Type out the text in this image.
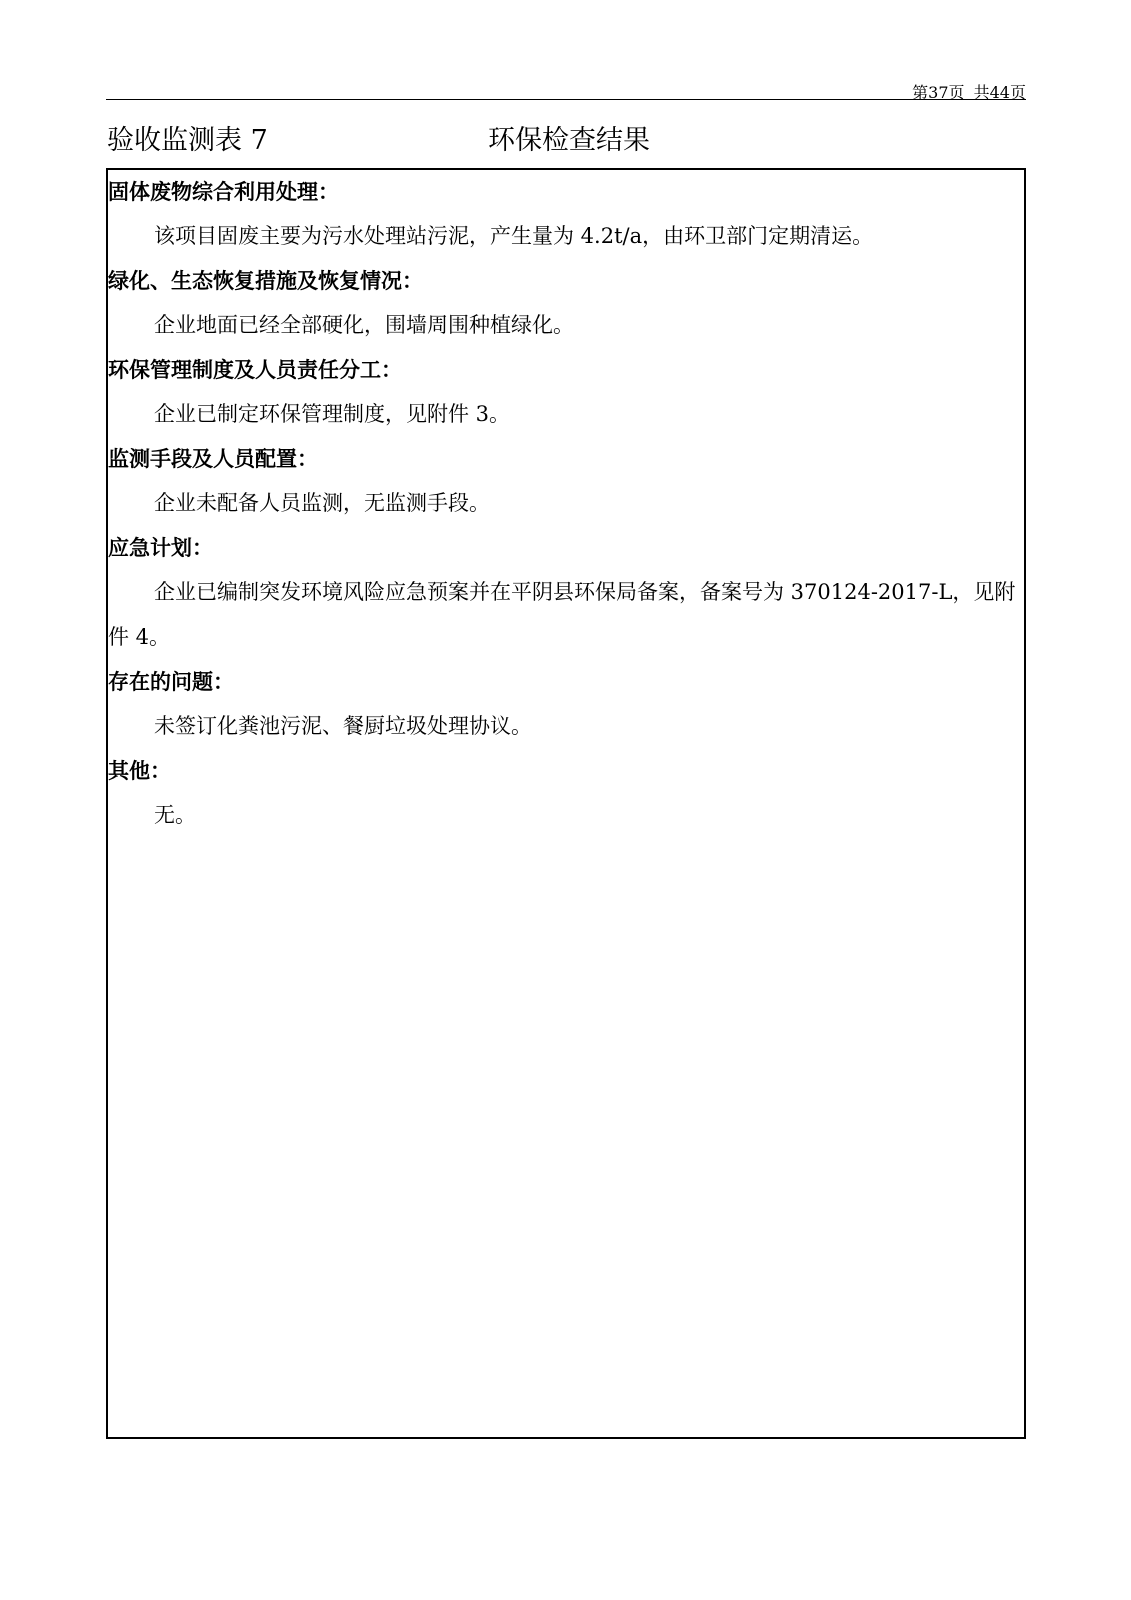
第37页 共44页
验收监测表 7	环保检查结果
固体废物综合利用处理：
该项目固废主要为污水处理站污泥，产生量为 4.2t/a，由环卫部门定期清运。
绿化、生态恢复措施及恢复情况：
企业地面已经全部硬化，围墙周围种植绿化。
环保管理制度及人员责任分工：
企业已制定环保管理制度，见附件 3。
监测手段及人员配置：
企业未配备人员监测，无监测手段。
应急计划：
企业已编制突发环境风险应急预案并在平阴县环保局备案，备案号为 370124-2017-L，见附件 4。
存在的问题：
未签订化粪池污泥、餐厨垃圾处理协议。
其他：
无。
